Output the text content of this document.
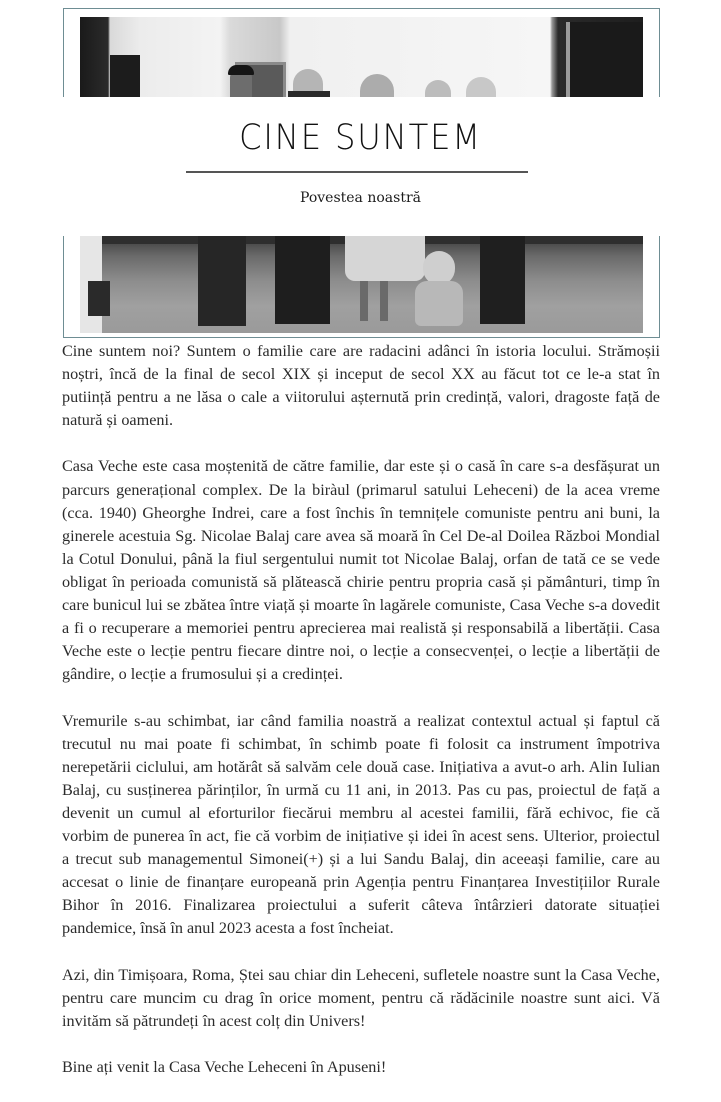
CINE SUNTEM
Povestea noastră

Cine suntem noi? Suntem o familie care are radacini adânci în istoria locului. Strămoșii noștri, încă de la final de secol XIX și inceput de secol XX au făcut tot ce le-a stat în putiință pentru a ne lăsa o cale a viitorului așternută prin credință, valori, dragoste față de natură și oameni.

Casa Veche este casa moștenită de către familie, dar este și o casă în care s-a desfășurat un parcurs generațional complex. De la biràul (primarul satului Leheceni) de la acea vreme (cca. 1940) Gheorghe Indrei, care a fost închis în temnițele comuniste pentru ani buni, la ginerele acestuia Sg. Nicolae Balaj care avea să moară în Cel De-al Doilea Război Mondial la Cotul Donului, până la fiul sergentului numit tot Nicolae Balaj, orfan de tată ce se vede obligat în perioada comunistă să plătească chirie pentru propria casă și pământuri, timp în care bunicul lui se zbătea între viață și moarte în lagărele comuniste, Casa Veche s-a dovedit a fi o recuperare a memoriei pentru aprecierea mai realistă și responsabilă a libertății. Casa Veche este o lecție pentru fiecare dintre noi, o lecție a consecvenței, o lecție a libertății de gândire, o lecție a frumosului și a credinței.

Vremurile s-au schimbat, iar când familia noastră a realizat contextul actual și faptul că trecutul nu mai poate fi schimbat, în schimb poate fi folosit ca instrument împotriva nerepetării ciclului, am hotărât să salvăm cele două case. Inițiativa a avut-o arh. Alin Iulian Balaj, cu susținerea părinților, în urmă cu 11 ani, in 2013. Pas cu pas, proiectul de față a devenit un cumul al eforturilor fiecărui membru al acestei familii, fără echivoc, fie că vorbim de punerea în act, fie că vorbim de inițiative și idei în acest sens. Ulterior, proiectul a trecut sub managementul Simonei(+) și a lui Sandu Balaj, din aceeași familie, care au accesat o linie de finanțare europeană prin Agenția pentru Finanțarea Investițiilor Rurale Bihor în 2016. Finalizarea proiectului a suferit câteva întârzieri datorate situației pandemice, însă în anul 2023 acesta a fost încheiat.

Azi, din Timișoara, Roma, Ștei sau chiar din Leheceni, sufletele noastre sunt la Casa Veche, pentru care muncim cu drag în orice moment, pentru că rădăcinile noastre sunt aici. Vă invităm să pătrundeți în acest colț din Univers!

Bine ați venit la Casa Veche Leheceni în Apuseni!
